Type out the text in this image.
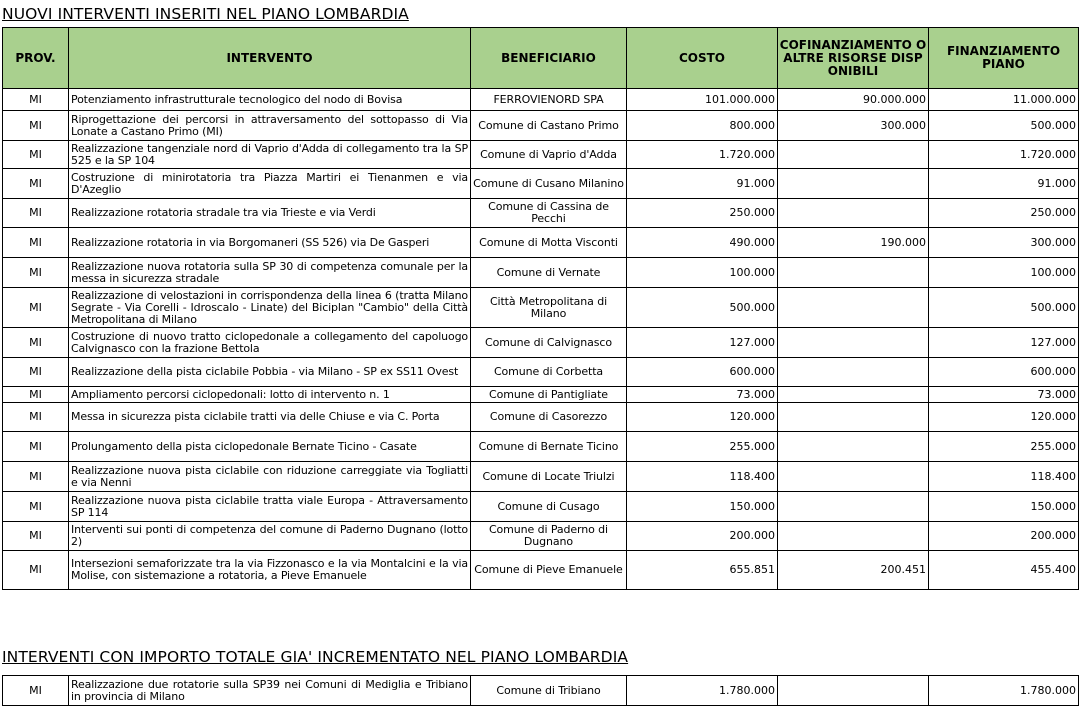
NUOVI INTERVENTI INSERITI NEL PIANO LOMBARDIA
PROV.	INTERVENTO	BENEFICIARIO	COSTO	COFINANZIAMENTO O ALTRE RISORSE DISPONIBILI	FINANZIAMENTO PIANO
MI	Potenziamento infrastrutturale tecnologico del nodo di Bovisa	FERROVIENORD SPA	101.000.000	90.000.000	11.000.000
MI	Riprogettazione dei percorsi in attraversamento del sottopasso di Via Lonate a Castano Primo (MI)	Comune di Castano Primo	800.000	300.000	500.000
MI	Realizzazione tangenziale nord di Vaprio d'Adda di collegamento tra la SP 525 e la SP 104	Comune di Vaprio d'Adda	1.720.000		1.720.000
MI	Costruzione di minirotatoria tra Piazza Martiri ei Tienanmen e via D'Azeglio	Comune di Cusano Milanino	91.000		91.000
MI	Realizzazione rotatoria stradale tra via Trieste e via Verdi	Comune di Cassina de Pecchi	250.000		250.000
MI	Realizzazione rotatoria in via Borgomaneri (SS 526) via De Gasperi	Comune di Motta Visconti	490.000	190.000	300.000
MI	Realizzazione nuova rotatoria sulla SP 30 di competenza comunale per la messa in sicurezza stradale	Comune di Vernate	100.000		100.000
MI	Realizzazione di velostazioni in corrispondenza della linea 6 (tratta Milano Segrate - Via Corelli - Idroscalo - Linate) del Biciplan "Cambio" della Città Metropolitana di Milano	Città Metropolitana di Milano	500.000		500.000
MI	Costruzione di nuovo tratto ciclopedonale a collegamento del capoluogo Calvignasco con la frazione Bettola	Comune di Calvignasco	127.000		127.000
MI	Realizzazione della pista ciclabile Pobbia - via Milano - SP ex SS11 Ovest	Comune di Corbetta	600.000		600.000
MI	Ampliamento percorsi ciclopedonali: lotto di intervento n. 1	Comune di Pantigliate	73.000		73.000
MI	Messa in sicurezza pista ciclabile tratti via delle Chiuse e via C. Porta	Comune di Casorezzo	120.000		120.000
MI	Prolungamento della pista ciclopedonale Bernate Ticino - Casate	Comune di Bernate Ticino	255.000		255.000
MI	Realizzazione nuova pista ciclabile con riduzione carreggiate via Togliatti e via Nenni	Comune di Locate Triulzi	118.400		118.400
MI	Realizzazione nuova pista ciclabile tratta viale Europa - Attraversamento SP 114	Comune di Cusago	150.000		150.000
MI	Interventi sui ponti di competenza del comune di Paderno Dugnano (lotto 2)	Comune di Paderno di Dugnano	200.000		200.000
MI	Intersezioni semaforizzate tra la via Fizzonasco e la via Montalcini e la via Molise, con sistemazione a rotatoria, a Pieve Emanuele	Comune di Pieve Emanuele	655.851	200.451	455.400
INTERVENTI CON IMPORTO TOTALE GIA' INCREMENTATO NEL PIANO LOMBARDIA
MI	Realizzazione due rotatorie sulla SP39 nei Comuni di Mediglia e Tribiano in provincia di Milano	Comune di Tribiano	1.780.000		1.780.000
